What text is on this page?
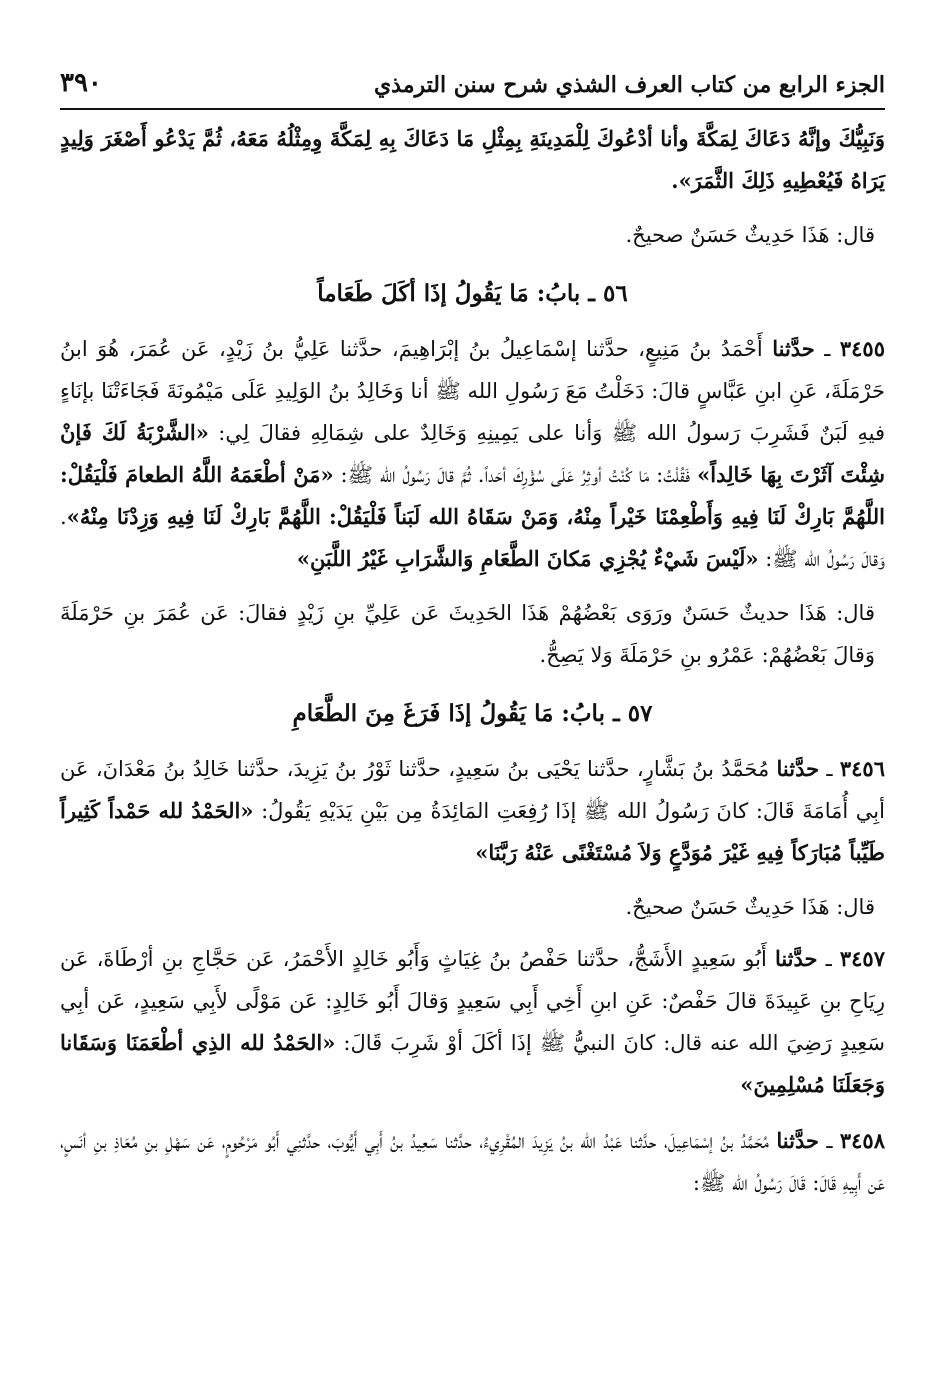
الجزء الرابع من كتاب العرف الشذي شرح سنن الترمذي
٣٩٠

وَنَبِيُّكَ وإنَّهُ دَعَاكَ لِمَكَّةَ وأنا أدْعُوكَ لِلْمَدِينَةِ بِمِثْلِ مَا دَعَاكَ بِهِ لِمَكَّةَ وِمِثْلُهُ مَعَهُ، ثُمَّ يَدْعُو أَصْغَرَ وَلِيدٍ يَرَاهُ فَيُعْطِيهِ ذَلِكَ الثَّمَرَ».

قال: هَذَا حَدِيثٌ حَسَنٌ صحيحٌ.

٥٦ ـ بابُ: مَا يَقُولُ إذَا أكَلَ طَعَاماً

٣٤٥٥ ـ حدَّثنا أَحْمَدُ بنُ مَنِيعٍ، حدَّثنا إسْمَاعِيلُ بنُ إبْرَاهِيمَ، حدَّثنا عَلِيُّ بنُ زَيْدٍ، عَن عُمَرَ، هُوَ ابنُ حَرْمَلَةَ، عَنِ ابنِ عَبَّاسٍ قالَ: دَخَلْتُ مَعَ رَسُولِ الله ﷺ أنا وَخَالِدُ بنُ الوَلِيدِ عَلَى مَيْمُونَةَ فَجَاءَتْنَا بإنَاءٍ فيهِ لَبَنٌ فَشَرِبَ رَسولُ الله ﷺ وَأنا على يَمِينِهِ وَخَالِدٌ على شِمَالِهِ فقالَ لِي: «الشَّرْبَةُ لَكَ فَإنْ شِئْتَ آثَرْتَ بِهَا خَالِداً» فَقُلْتُ: مَا كُنْتُ أوثِرُ عَلَى سُؤْرِكَ أحَداً. ثُمَّ قالَ رَسُولُ الله ﷺ: «مَنْ أطْعَمَهُ اللَّهُ الطعامَ فَلْيَقُلْ: اللَّهُمَّ بَارِكْ لَنَا فِيهِ وَأَطْعِمْنَا خَيْراً مِنْهُ، وَمَنْ سَقَاهُ الله لَبَناً فَلْيَقُلْ: اللَّهُمَّ بَارِكْ لَنَا فِيهِ وَزِدْنَا مِنْهُ». وَقالَ رَسُولُ الله ﷺ: «لَيْسَ شَيْءٌ يُجْزِي مَكانَ الطَّعَامِ وَالشَّرَابِ غَيْرُ اللَّبَنِ»

قال: هَذَا حديثٌ حَسَنٌ ورَوَى بَعْضُهُمْ هَذَا الحَدِيثَ عَن عَلِيِّ بنِ زَيْدٍ فقالَ: عَن عُمَرَ بنِ حَرْمَلَةَ وَقالَ بَعْضُهُمْ: عَمْرُو بنِ حَرْمَلَةَ وَلا يَصِحُّ.

٥٧ ـ بابُ: مَا يَقُولُ إذَا فَرَغَ مِنَ الطَّعَامِ

٣٤٥٦ ـ حدَّثنا مُحَمَّدُ بنُ بَشَّارٍ، حدَّثنا يَحْيَى بنُ سَعِيدٍ، حدَّثنا ثَوْرُ بنُ يَزِيدَ، حدَّثنا خَالِدُ بنُ مَعْدَانَ، عَن أبِي أُمَامَةَ قَالَ: كانَ رَسُولُ الله ﷺ إذَا رُفِعَتِ المَائِدَةُ مِن بَيْنِ يَدَيْهِ يَقُولُ: «الحَمْدُ لله حَمْداً كَثِيراً طَيِّباً مُبَارَكاً فِيهِ غَيْرَ مُوَدَّعٍ وَلاَ مُسْتَغْنًى عَنْهُ رَبَّنَا»

قال: هَذَا حَدِيثٌ حَسَنٌ صحيحٌ.

٣٤٥٧ ـ حدَّثنا أَبُو سَعِيدٍ الأَشَجُّ، حدَّثنا حَفْصُ بنُ غِيَاثٍ وَأَبُو خَالِدٍ الأَحْمَرُ، عَن حَجَّاجِ بنِ أرْطَاةَ، عَن رِيَاحِ بنِ عَبِيدَةَ قالَ حَفْصٌ: عَنِ ابنِ أَخِي أَبِي سَعِيدٍ وَقالَ أَبُو خَالِدٍ: عَن مَوْلًى لأَبِي سَعِيدٍ، عَن أبِي سَعِيدٍ رَضِيَ الله عنه قال: كانَ النبيُّ ﷺ إذَا أكَلَ أوْ شَرِبَ قَالَ: «الحَمْدُ لله الذِي أطْعَمَنَا وَسَقَانا وَجَعَلَنَا مُسْلِمِينَ»

٣٤٥٨ ـ حدَّثنا مُحَمَّدُ بنُ إسْمَاعِيلَ، حدَّثنا عَبْدُ الله بنُ يَزِيدَ المُقْرِيءُ، حدَّثنا سَعِيدُ بنُ أَبِي أَيُّوبَ، حدَّثنِي أَبُو مَرْحُومٍ، عَن سَهْلِ بنِ مُعَاذِ بنِ أنَسٍ، عَن أَبِيهِ قَالَ: قَالَ رَسُولُ الله ﷺ:
